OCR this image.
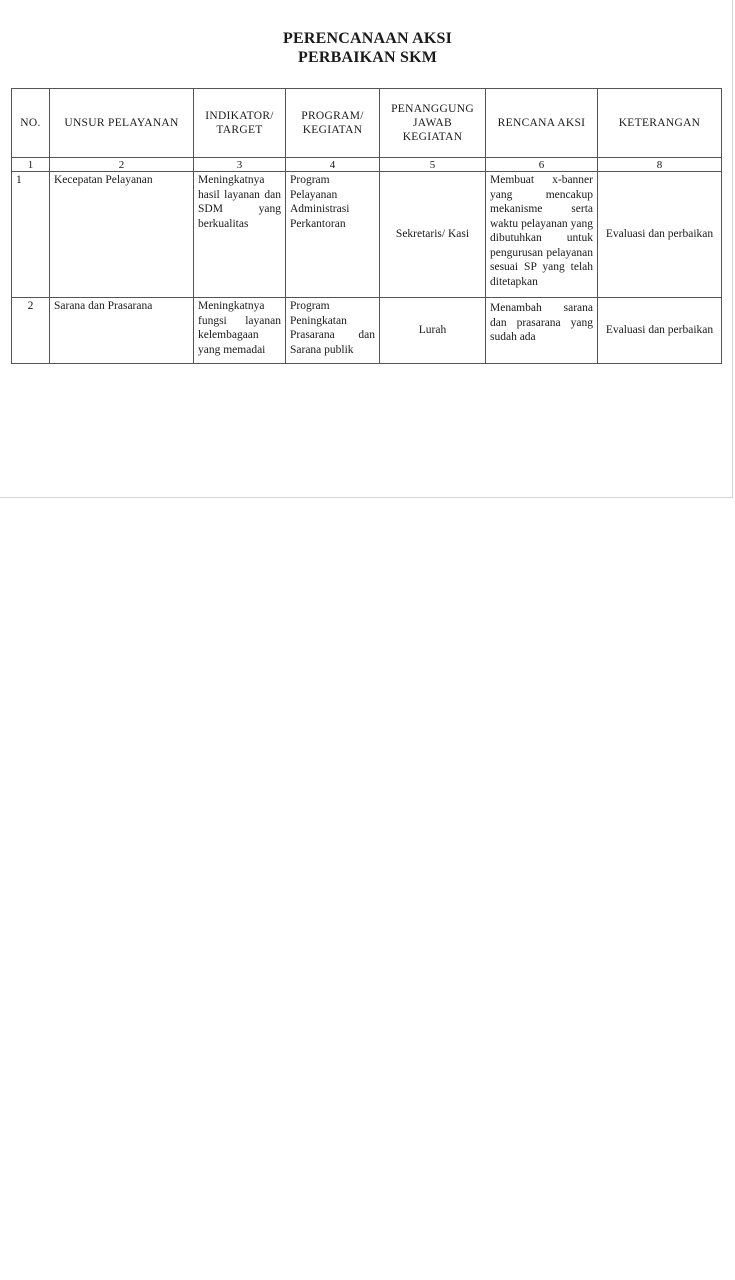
PERENCANAAN AKSI
PERBAIKAN SKM
NO.	UNSUR PELAYANAN	INDIKATOR/ TARGET	PROGRAM/ KEGIATAN	PENANGGUNG JAWAB KEGIATAN	RENCANA AKSI	KETERANGAN
1	2	3	4	5	6	8
1	Kecepatan Pelayanan	Meningkatnya hasil layanan dan SDM yang berkualitas	Program Pelayanan Administrasi Perkantoran	Sekretaris/ Kasi	Membuat x-banner yang mencakup mekanisme serta waktu pelayanan yang dibutuhkan untuk pengurusan pelayanan sesuai SP yang telah ditetapkan	Evaluasi dan perbaikan
2	Sarana dan Prasarana	Meningkatnya fungsi layanan kelembagaan yang memadai	Program Peningkatan Prasarana dan Sarana publik	Lurah	Menambah sarana dan prasarana yang sudah ada	Evaluasi dan perbaikan
